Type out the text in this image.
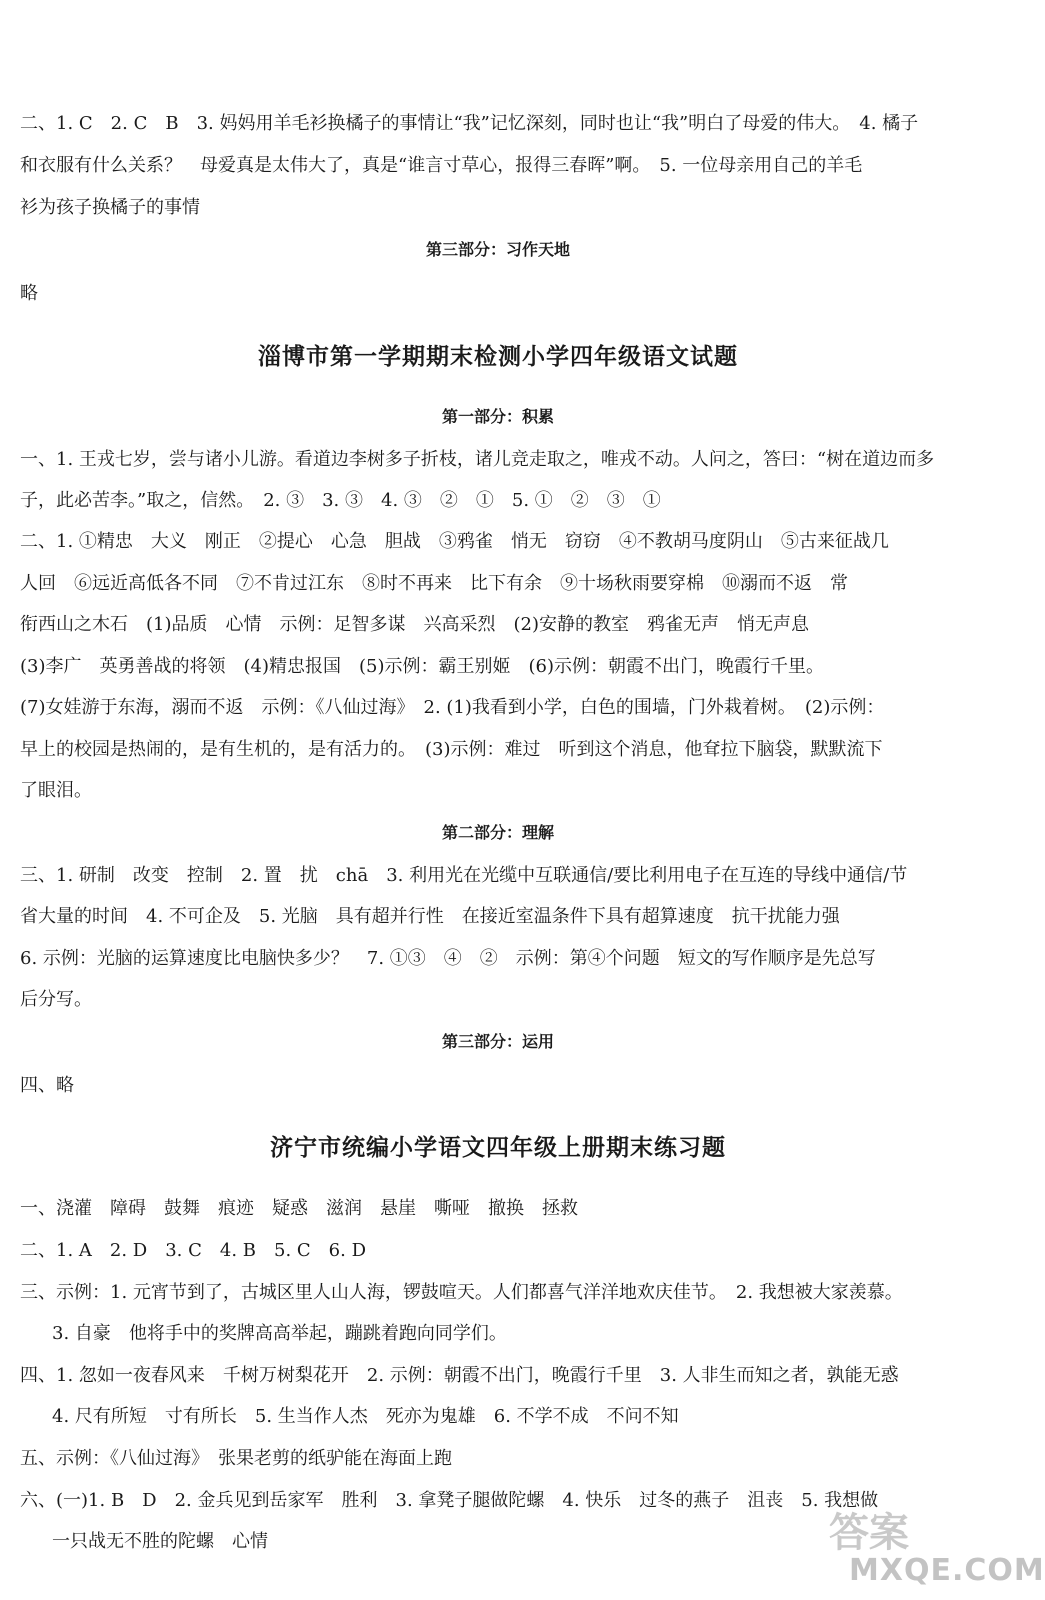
二、1. C　2. C　B　3. 妈妈用羊毛衫换橘子的事情让“我”记忆深刻，同时也让“我”明白了母爱的伟大。　4. 橘子
和衣服有什么关系？　母爱真是太伟大了，真是“谁言寸草心，报得三春晖”啊。　5. 一位母亲用自己的羊毛
衫为孩子换橘子的事情
第三部分：习作天地
略
淄博市第一学期期末检测小学四年级语文试题
第一部分：积累
一、1. 王戎七岁，尝与诸小儿游。看道边李树多子折枝，诸儿竞走取之，唯戎不动。人问之，答曰：“树在道边而多
子，此必苦李。”取之，信然。　2. ③　3. ③　4. ③　②　①　5. ①　②　③　①
二、1. ①精忠　大义　刚正　②提心　心急　胆战　③鸦雀　悄无　窃窃　④不教胡马度阴山　⑤古来征战几
人回　⑥远近高低各不同　⑦不肯过江东　⑧时不再来　比下有余　⑨十场秋雨要穿棉　⑩溺而不返　常
衔西山之木石　(1)品质　心情　示例：足智多谋　兴高采烈　(2)安静的教室　鸦雀无声　悄无声息
(3)李广　英勇善战的将领　(4)精忠报国　(5)示例：霸王别姬　(6)示例：朝霞不出门，晚霞行千里。
(7)女娃游于东海，溺而不返　示例：《八仙过海》　2. (1)我看到小学，白色的围墙，门外栽着树。　(2)示例：
早上的校园是热闹的，是有生机的，是有活力的。　(3)示例：难过　听到这个消息，他耷拉下脑袋，默默流下
了眼泪。
第二部分：理解
三、1. 研制　改变　控制　2. 置　扰　chā　3. 利用光在光缆中互联通信/要比利用电子在互连的导线中通信/节
省大量的时间　4. 不可企及　5. 光脑　具有超并行性　在接近室温条件下具有超算速度　抗干扰能力强
6. 示例：光脑的运算速度比电脑快多少？　7. ①③　④　②　示例：第④个问题　短文的写作顺序是先总写
后分写。
第三部分：运用
四、略
济宁市统编小学语文四年级上册期末练习题
一、浇灌　障碍　鼓舞　痕迹　疑惑　滋润　悬崖　嘶哑　撤换　拯救
二、1. A　2. D　3. C　4. B　5. C　6. D
三、示例：1. 元宵节到了，古城区里人山人海，锣鼓喧天。人们都喜气洋洋地欢庆佳节。　2. 我想被大家羡慕。
3. 自豪　他将手中的奖牌高高举起，蹦跳着跑向同学们。
四、1. 忽如一夜春风来　千树万树梨花开　2. 示例：朝霞不出门，晚霞行千里　3. 人非生而知之者，孰能无惑
4. 尺有所短　寸有所长　5. 生当作人杰　死亦为鬼雄　6. 不学不成　不问不知
五、示例：《八仙过海》　张果老剪的纸驴能在海面上跑
六、(一)1. B　D　2. 金兵见到岳家军　胜利　3. 拿凳子腿做陀螺　4. 快乐　过冬的燕子　沮丧　5. 我想做
一只战无不胜的陀螺　心情	答案
MXQE.COM
